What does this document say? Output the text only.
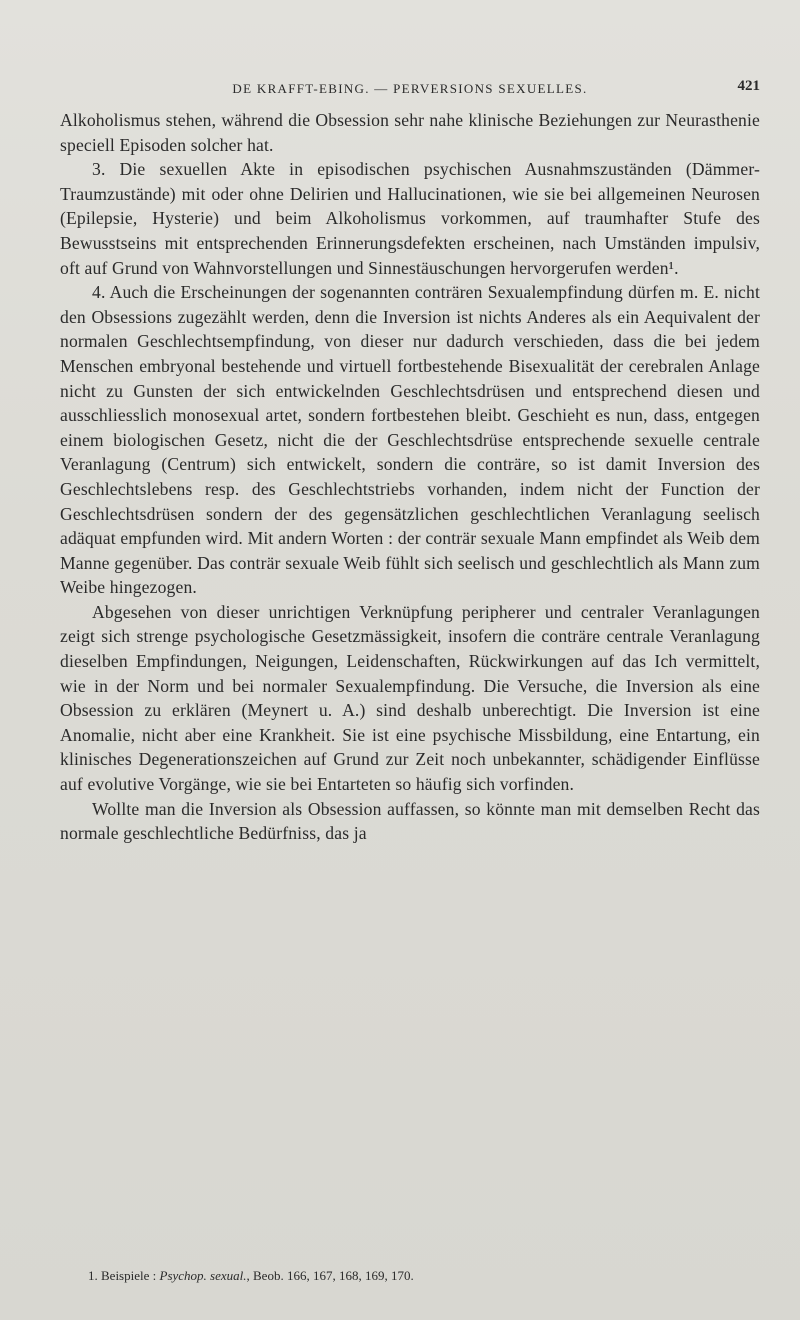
DE KRAFFT-EBING. — PERVERSIONS SEXUELLES.	421

Alkoholismus stehen, während die Obsession sehr nahe klinische Beziehungen zur Neurasthenie speciell Episoden solcher hat.

3. Die sexuellen Akte in episodischen psychischen Ausnahmszuständen (Dämmer-Traumzustände) mit oder ohne Delirien und Hallucinationen, wie sie bei allgemeinen Neurosen (Epilepsie, Hysterie) und beim Alkoholismus vorkommen, auf traumhafter Stufe des Bewusstseins mit entsprechenden Erinnerungsdefekten erscheinen, nach Umständen impulsiv, oft auf Grund von Wahnvorstellungen und Sinnestäuschungen hervorgerufen werden¹.

4. Auch die Erscheinungen der sogenannten conträren Sexualempfindung dürfen m. E. nicht den Obsessions zugezählt werden, denn die Inversion ist nichts Anderes als ein Aequivalent der normalen Geschlechtsempfindung, von dieser nur dadurch verschieden, dass die bei jedem Menschen embryonal bestehende und virtuell fortbestehende Bisexualität der cerebralen Anlage nicht zu Gunsten der sich entwickelnden Geschlechtsdrüsen und entsprechend diesen und ausschliesslich monosexual artet, sondern fortbestehen bleibt. Geschieht es nun, dass, entgegen einem biologischen Gesetz, nicht die der Geschlechtsdrüse entsprechende sexuelle centrale Veranlagung (Centrum) sich entwickelt, sondern die conträre, so ist damit Inversion des Geschlechtslebens resp. des Geschlechtstriebs vorhanden, indem nicht der Function der Geschlechtsdrüsen sondern der des gegensätzlichen geschlechtlichen Veranlagung seelisch adäquat empfunden wird. Mit andern Worten : der conträr sexuale Mann empfindet als Weib dem Manne gegenüber. Das conträr sexuale Weib fühlt sich seelisch und geschlechtlich als Mann zum Weibe hingezogen.

Abgesehen von dieser unrichtigen Verknüpfung peripherer und centraler Veranlagungen zeigt sich strenge psychologische Gesetzmässigkeit, insofern die conträre centrale Veranlagung dieselben Empfindungen, Neigungen, Leidenschaften, Rückwirkungen auf das Ich vermittelt, wie in der Norm und bei normaler Sexualempfindung. Die Versuche, die Inversion als eine Obsession zu erklären (Meynert u. A.) sind deshalb unberechtigt. Die Inversion ist eine Anomalie, nicht aber eine Krankheit. Sie ist eine psychische Missbildung, eine Entartung, ein klinisches Degenerationszeichen auf Grund zur Zeit noch unbekannter, schädigender Einflüsse auf evolutive Vorgänge, wie sie bei Entarteten so häufig sich vorfinden.

Wollte man die Inversion als Obsession auffassen, so könnte man mit demselben Recht das normale geschlechtliche Bedürfniss, das ja

1. Beispiele : Psychop. sexual., Beob. 166, 167, 168, 169, 170.
